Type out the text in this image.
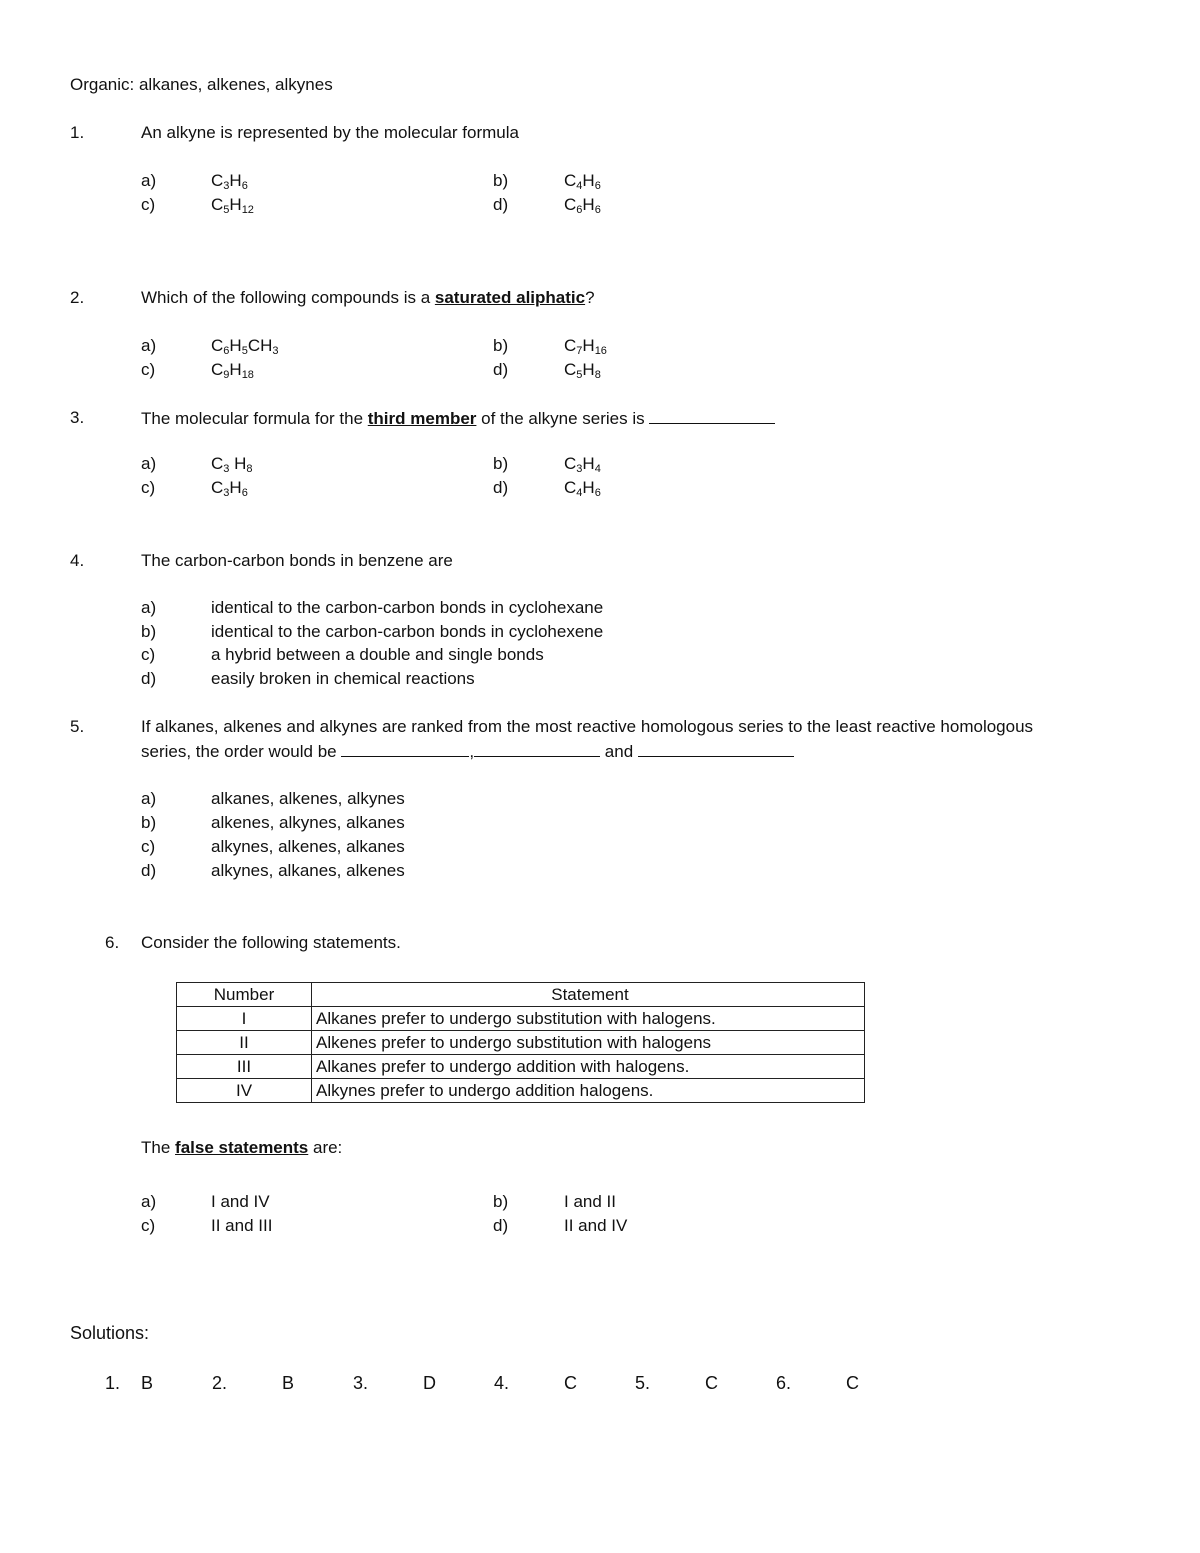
Organic: alkanes, alkenes, alkynes
1.	An alkyne is represented by the molecular formula
a)	$C_3H_6$	b)	$C_4H_6$
c)	$C_5H_{12}$	d)	$C_6H_6$
2.	Which of the following compounds is a saturated aliphatic?
a)	$C_6H_5CH_3$	b)	$C_7H_{16}$
c)	$C_9H_{18}$	d)	$C_5H_8$
3.	The molecular formula for the third member of the alkyne series is
a)	$C_3$ $H_8$	b)	$C_3H_4$
c)	$C_3H_6$	d)	$C_4H_6$
4.	The carbon-carbon bonds in benzene are
a)	identical to the carbon-carbon bonds in cyclohexane
b)	identical to the carbon-carbon bonds in cyclohexene
c)	a hybrid between a double and single bonds
d)	easily broken in chemical reactions
5.	If alkanes, alkenes and alkynes are ranked from the most reactive homologous series to the least reactive homologous
series, the order would be	,	and
a)	alkanes, alkenes, alkynes
b)	alkenes, alkynes, alkanes
c)	alkynes, alkenes, alkanes
d)	alkynes, alkanes, alkenes
6. Consider the following statements.
Number	Statement
I	Alkanes prefer to undergo substitution with halogens.
II	Alkenes prefer to undergo substitution with halogens
III	Alkanes prefer to undergo addition with halogens.
IV	Alkynes prefer to undergo addition halogens.
The false statements are:
a)	I and IV	b)	I and II
c)	II and III	d)	II and IV
Solutions:
1. B	2.	B	3.	D	4.	C	5.	C	6.	C
